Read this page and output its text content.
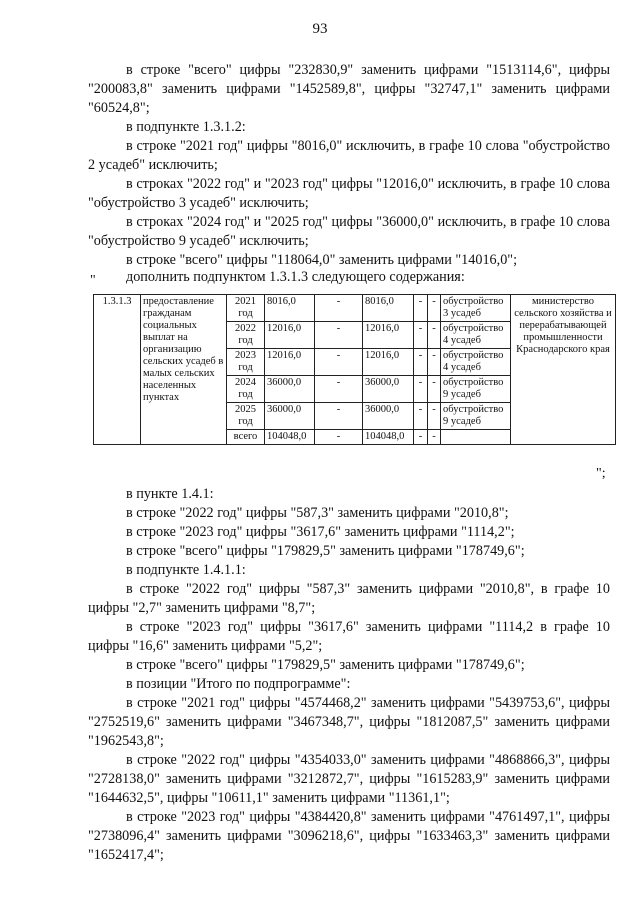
93

в строке "всего" цифры "232830,9" заменить цифрами "1513114,6", цифры "200083,8" заменить цифрами "1452589,8", цифры "32747,1" заменить цифрами "60524,8";

в подпункте 1.3.1.2:

в строке "2021 год" цифры "8016,0" исключить, в графе 10 слова "обустройство 2 усадеб" исключить;

в строках "2022 год" и "2023 год" цифры "12016,0" исключить, в графе 10 слова "обустройство 3 усадеб" исключить;

в строках "2024 год" и "2025 год" цифры "36000,0" исключить, в графе 10 слова "обустройство 9 усадеб" исключить;

в строке "всего" цифры "118064,0" заменить цифрами "14016,0";

дополнить подпунктом 1.3.1.3 следующего содержания:

"
1.3.1.3	предоставление гражданам социальных выплат на организацию сельских усадеб в малых сельских населенных пунктах	2021 год	8016,0	-	8016,0	-	-	обустройство 3 усадеб	министерство сельского хозяйства и перерабатывающей промышленности Краснодарского края
		2022 год	12016,0	-	12016,0	-	-	обустройство 4 усадеб	
		2023 год	12016,0	-	12016,0	-	-	обустройство 4 усадеб	
		2024 год	36000,0	-	36000,0	-	-	обустройство 9 усадеб	
		2025 год	36000,0	-	36000,0	-	-	обустройство 9 усадеб	
		всего	104048,0	-	104048,0	-	-		
";

в пункте 1.4.1:

в строке "2022 год" цифры "587,3" заменить цифрами "2010,8";

в строке "2023 год" цифры "3617,6" заменить цифрами "1114,2";

в строке "всего" цифры "179829,5" заменить цифрами "178749,6";

в подпункте 1.4.1.1:

в строке "2022 год" цифры "587,3" заменить цифрами "2010,8", в графе 10 цифры "2,7" заменить цифрами "8,7";

в строке "2023 год" цифры "3617,6" заменить цифрами "1114,2 в графе 10 цифры "16,6" заменить цифрами "5,2";

в строке "всего" цифры "179829,5" заменить цифрами "178749,6";

в позиции "Итого по подпрограмме":

в строке "2021 год" цифры "4574468,2" заменить цифрами "5439753,6", цифры "2752519,6" заменить цифрами "3467348,7", цифры "1812087,5" заменить цифрами "1962543,8";

в строке "2022 год" цифры "4354033,0" заменить цифрами "4868866,3", цифры "2728138,0" заменить цифрами "3212872,7", цифры "1615283,9" заменить цифрами "1644632,5", цифры "10611,1" заменить цифрами "11361,1";

в строке "2023 год" цифры "4384420,8" заменить цифрами "4761497,1", цифры "2738096,4" заменить цифрами "3096218,6", цифры "1633463,3" заменить цифрами "1652417,4";
